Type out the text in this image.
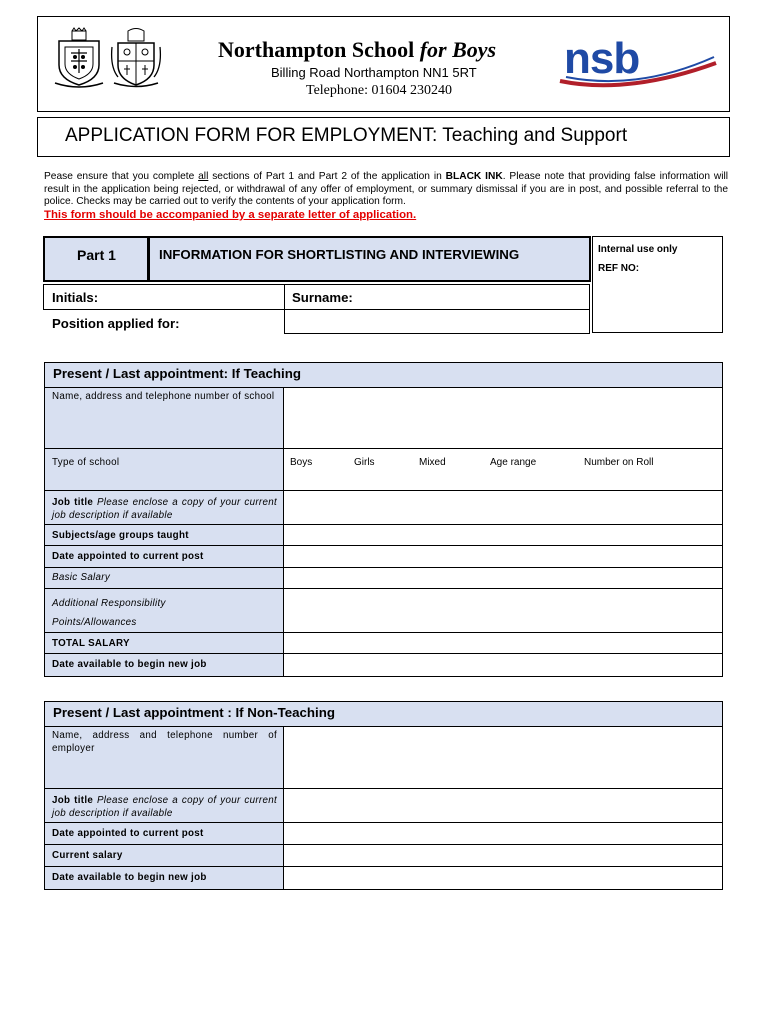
Northampton School for Boys
Billing Road Northampton NN1 5RT
Telephone: 01604 230240
nsb
APPLICATION FORM FOR EMPLOYMENT: Teaching and Support
Pease ensure that you complete all sections of Part 1 and Part 2 of the application in BLACK INK. Please note that providing false information will result in the application being rejected, or withdrawal of any offer of employment, or summary dismissal if you are in post, and possible referral to the police. Checks may be carried out to verify the contents of your application form.
This form should be accompanied by a separate letter of application.
Part 1	INFORMATION FOR SHORTLISTING AND INTERVIEWING	Internal use only
REF NO:
Initials:	Surname:
Position applied for:
Present / Last appointment: If Teaching
Name, address and telephone number of school
Type of school	Boys	Girls	Mixed	Age range	Number on Roll
Job title Please enclose a copy of your current job description if available
Subjects/age groups taught
Date appointed to current post
Basic Salary
Additional Responsibility
Points/Allowances
TOTAL SALARY
Date available to begin new job
Present / Last appointment : If Non-Teaching
Name, address and telephone number of employer
Job title Please enclose a copy of your current job description if available
Date appointed to current post
Current salary
Date available to begin new job
